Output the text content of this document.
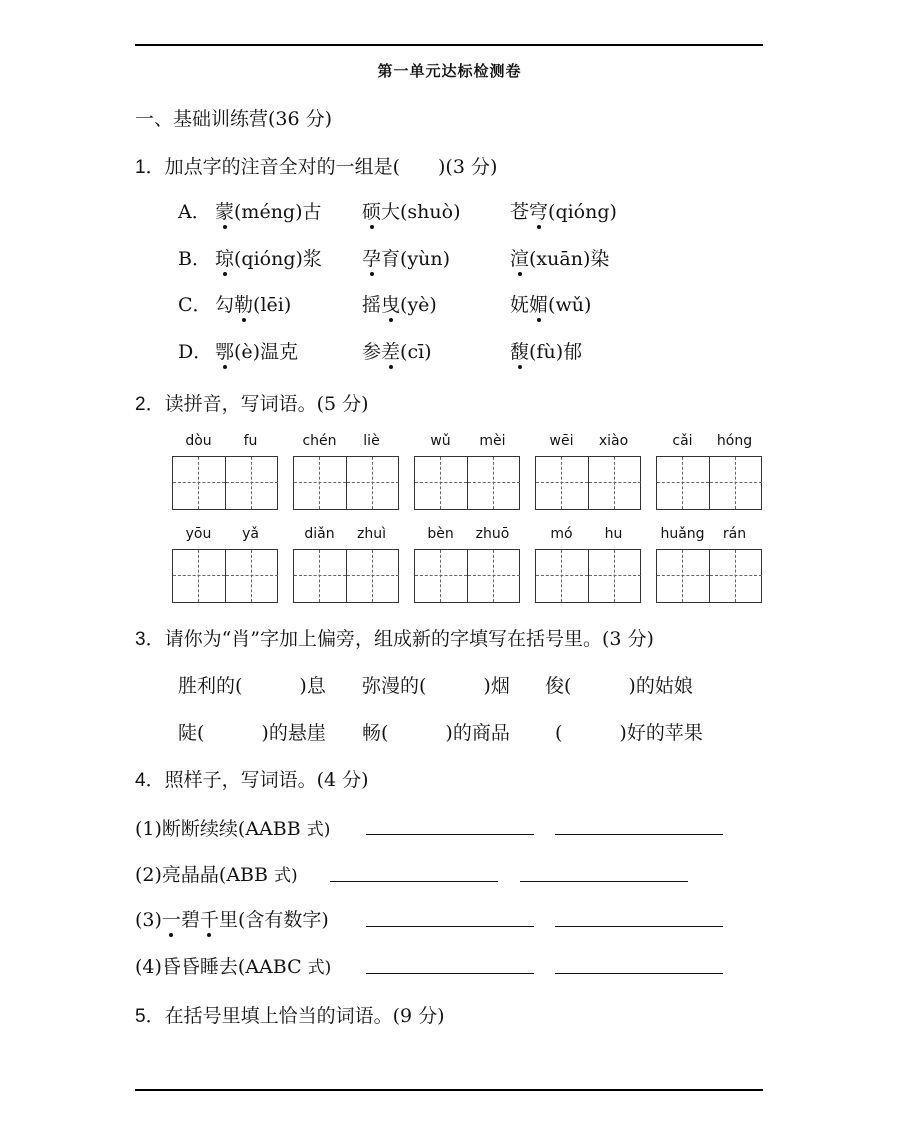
第一单元达标检测卷
一、基础训练营(36 分)
1．加点字的注音全对的一组是(　　)(3 分)
A． 蒙(méng)古 硕大(shuò)	苍穹(qióng)
B． 琼(qióng)浆 孕育(yùn)	渲(xuān)染
C． 勾勒(lēi)	摇曳(yè)	妩媚(wǔ)
D． 鄂(è)温克	参差(cī)	馥(fù)郁
2．读拼音，写词语。(5 分)
dòu	fu	chén	liè	wǔ	mèi	wēi	xiào	cǎi	hóng
yōu	yǎ	diǎn	zhuì	bèn	zhuō	mó	hu	huǎng	rán
3．请你为“肖”字加上偏旁，组成新的字填写在括号里。(3 分)
胜利的(　　　)息 弥漫的(　　　)烟 俊(　　　)的姑娘
陡(　　　)的悬崖 畅(　　　)的商品 (　　　)好的苹果
4．照样子，写词语。(4 分)
(1)断断续续(AABB 式)
(2)亮晶晶(ABB 式)
(3)一碧千里(含有数字)
(4)昏昏睡去(AABC 式)
5．在括号里填上恰当的词语。(9 分)
